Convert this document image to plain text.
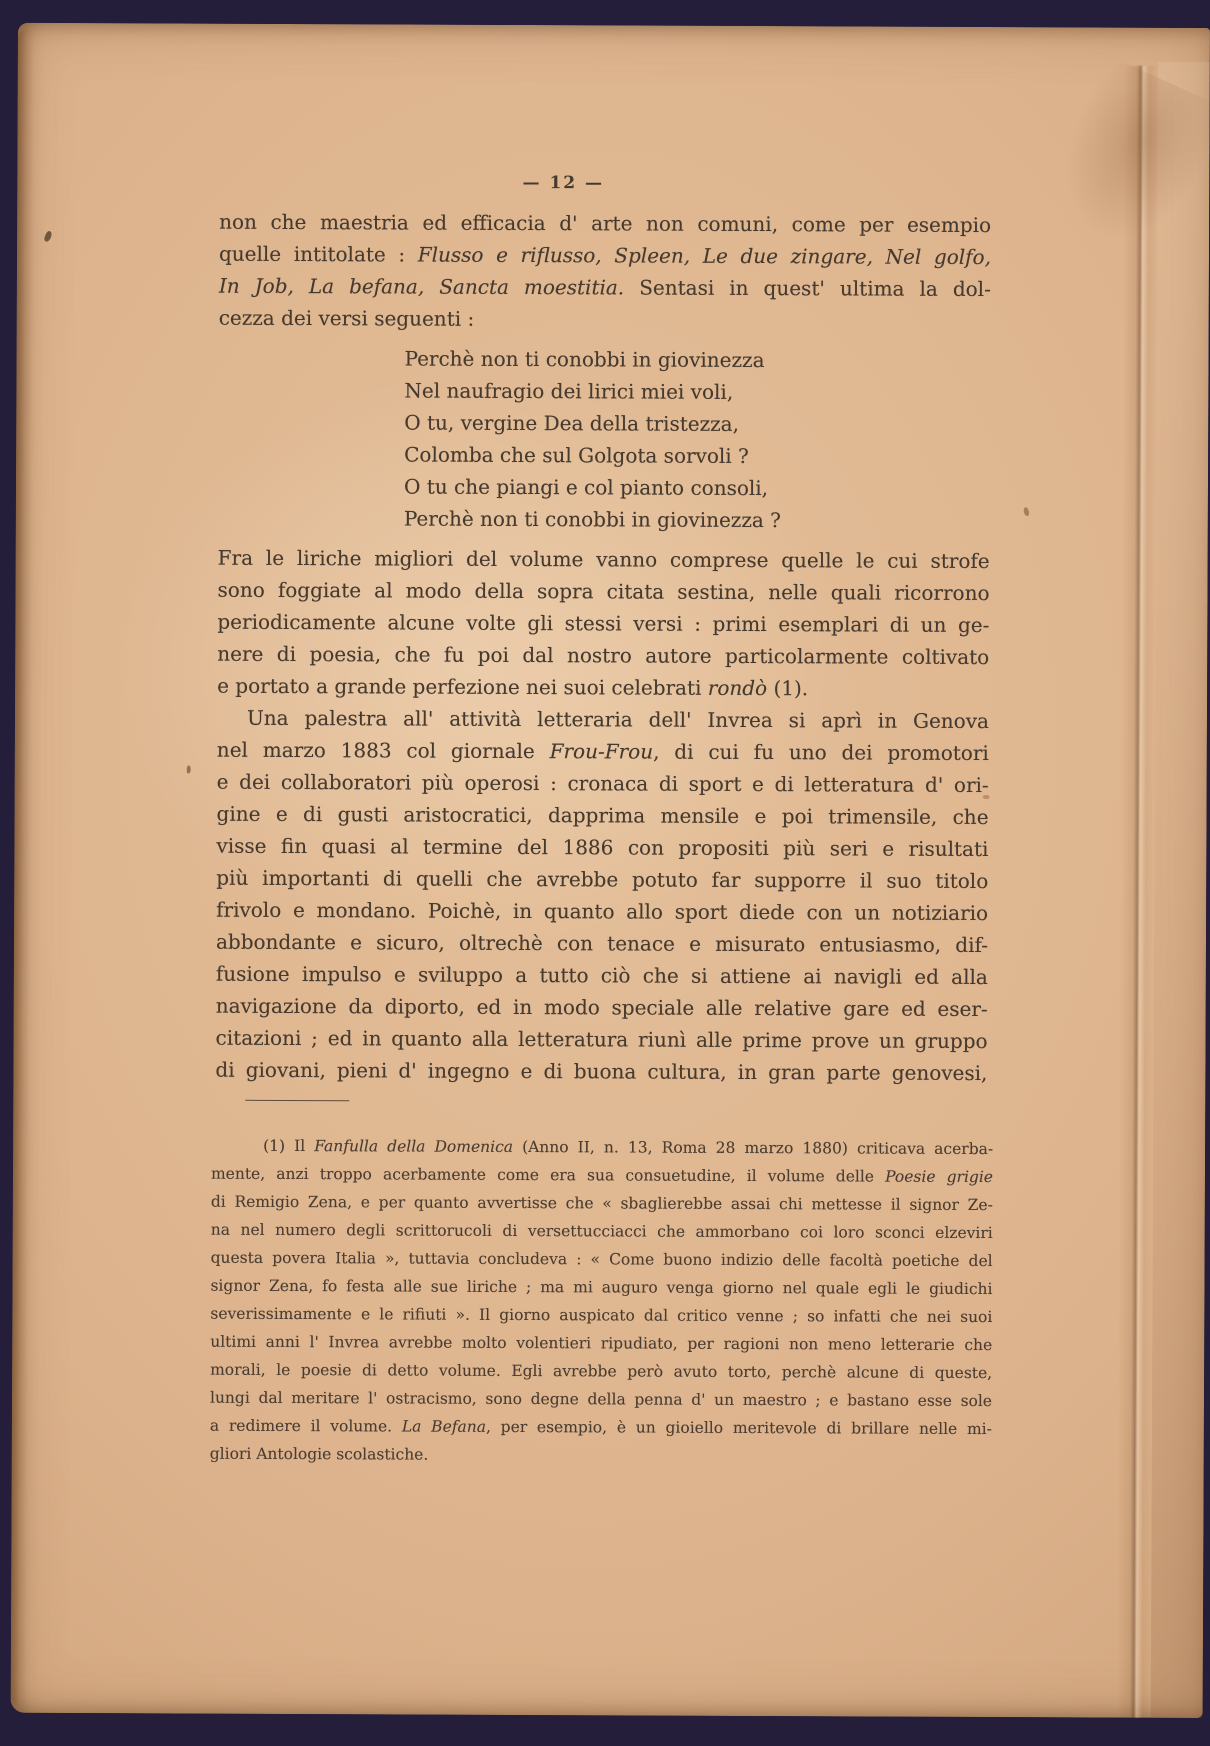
— 12 —
non che maestria ed efficacia d' arte non comuni, come per esempio
quelle intitolate : Flusso e riflusso, Spleen, Le due zingare, Nel golfo,
In Job, La befana, Sancta moestitia. Sentasi in quest' ultima la dol-
cezza dei versi seguenti :
Perchè non ti conobbi in giovinezza
Nel naufragio dei lirici miei voli,
O tu, vergine Dea della tristezza,
Colomba che sul Golgota sorvoli ?
O tu che piangi e col pianto consoli,
Perchè non ti conobbi in giovinezza ?
Fra le liriche migliori del volume vanno comprese quelle le cui strofe
sono foggiate al modo della sopra citata sestina, nelle quali ricorrono
periodicamente alcune volte gli stessi versi : primi esemplari di un ge-
nere di poesia, che fu poi dal nostro autore particolarmente coltivato
e portato a grande perfezione nei suoi celebrati rondò (1).
Una palestra all' attività letteraria dell' Invrea si aprì in Genova
nel marzo 1883 col giornale Frou-Frou, di cui fu uno dei promotori
e dei collaboratori più operosi : cronaca di sport e di letteratura d' ori-
gine e di gusti aristocratici, dapprima mensile e poi trimensile, che
visse fin quasi al termine del 1886 con propositi più seri e risultati
più importanti di quelli che avrebbe potuto far supporre il suo titolo
frivolo e mondano. Poichè, in quanto allo sport diede con un notiziario
abbondante e sicuro, oltrechè con tenace e misurato entusiasmo, dif-
fusione impulso e sviluppo a tutto ciò che si attiene ai navigli ed alla
navigazione da diporto, ed in modo speciale alle relative gare ed eser-
citazioni ; ed in quanto alla letteratura riunì alle prime prove un gruppo
di giovani, pieni d' ingegno e di buona cultura, in gran parte genovesi,
(1) Il Fanfulla della Domenica (Anno II, n. 13, Roma 28 marzo 1880) criticava acerba-
mente, anzi troppo acerbamente come era sua consuetudine, il volume delle Poesie grigie
di Remigio Zena, e per quanto avvertisse che « sbaglierebbe assai chi mettesse il signor Ze-
na nel numero degli scrittorucoli di versettucciacci che ammorbano coi loro sconci elzeviri
questa povera Italia », tuttavia concludeva : « Come buono indizio delle facoltà poetiche del
signor Zena, fo festa alle sue liriche ; ma mi auguro venga giorno nel quale egli le giudichi
severissimamente e le rifiuti ». Il giorno auspicato dal critico venne ; so infatti che nei suoi
ultimi anni l' Invrea avrebbe molto volentieri ripudiato, per ragioni non meno letterarie che
morali, le poesie di detto volume. Egli avrebbe però avuto torto, perchè alcune di queste,
lungi dal meritare l' ostracismo, sono degne della penna d' un maestro ; e bastano esse sole
a redimere il volume. La Befana, per esempio, è un gioiello meritevole di brillare nelle mi-
gliori Antologie scolastiche.
